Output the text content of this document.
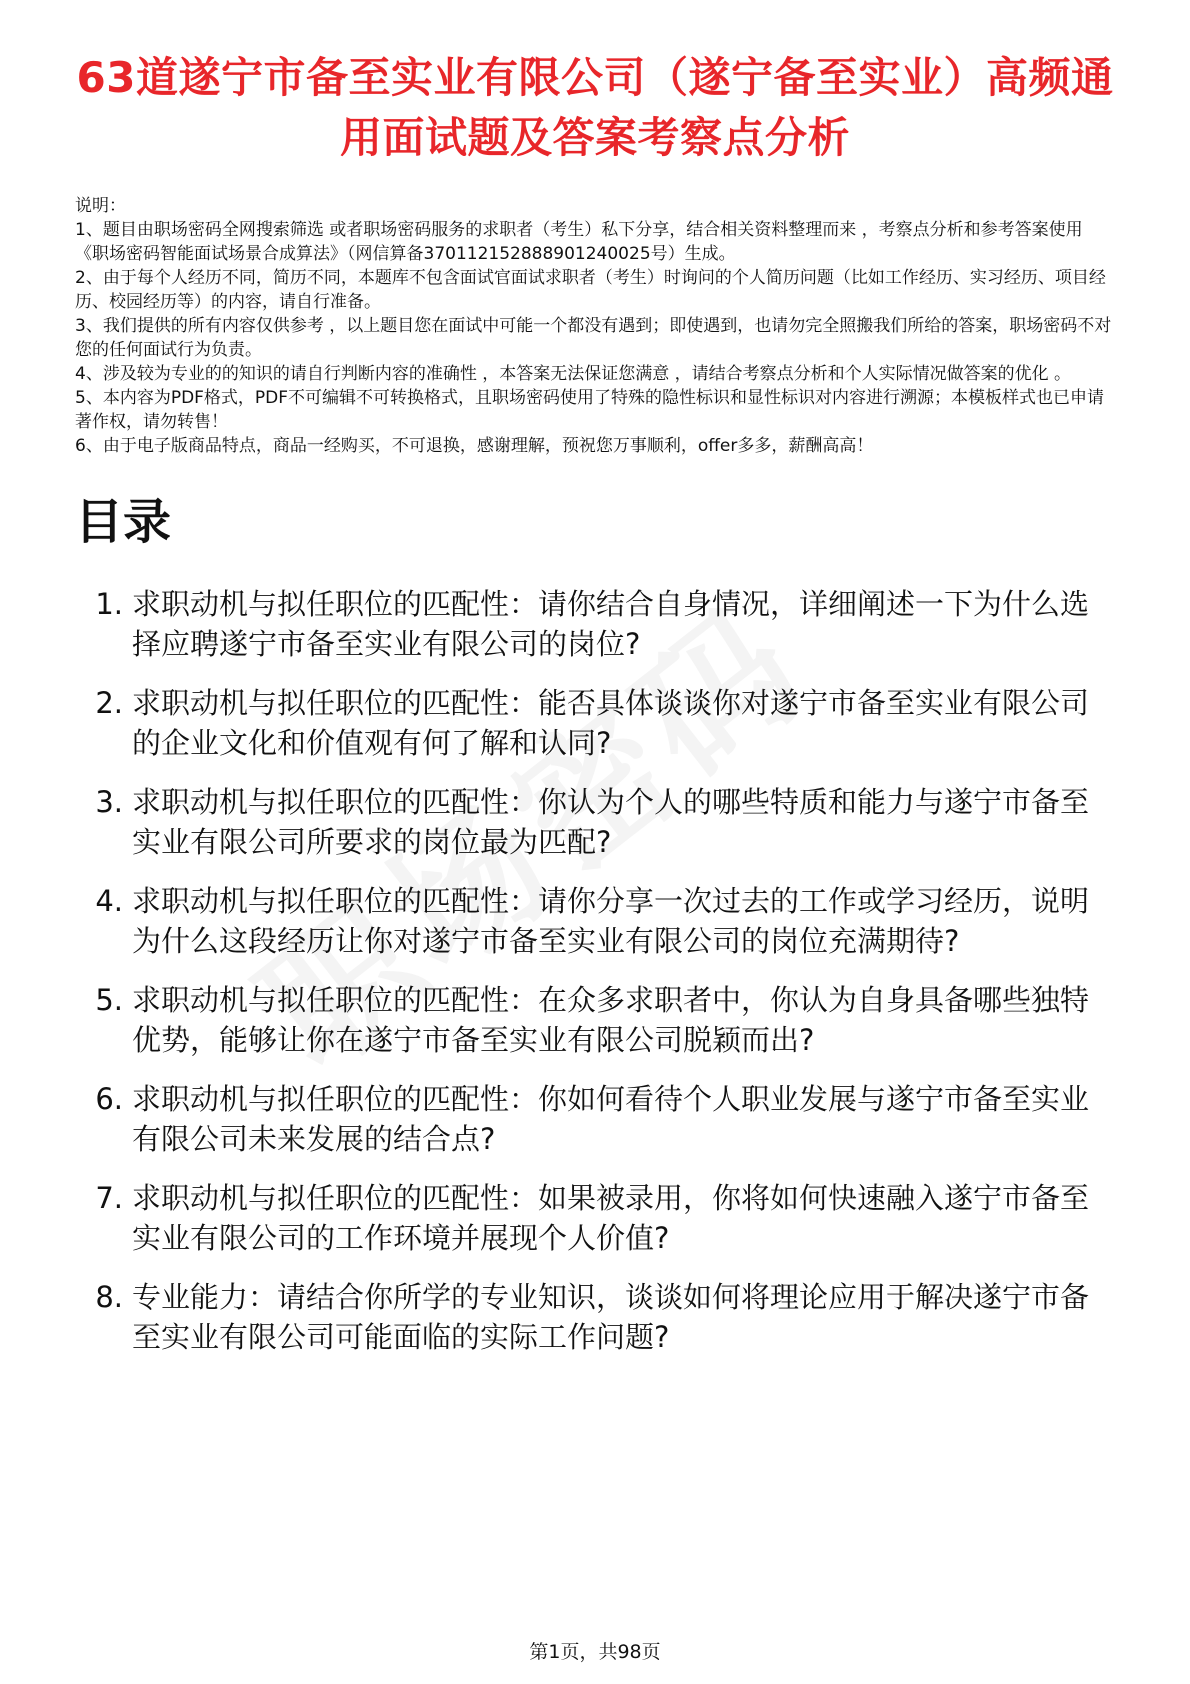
63道遂宁市备至实业有限公司（遂宁备至实业）高频通用面试题及答案考察点分析

说明：

1、题目由职场密码全网搜索筛选 或者职场密码服务的求职者（考生）私下分享，结合相关资料整理而来 ，考察点分析和参考答案使用《职场密码智能面试场景合成算法》（网信算备370112152888901240025号）生成。

2、由于每个人经历不同，简历不同，本题库不包含面试官面试求职者（考生）时询问的个人简历问题（比如工作经历、实习经历、项目经历、校园经历等）的内容，请自行准备。

3、我们提供的所有内容仅供参考 ，以上题目您在面试中可能一个都没有遇到；即使遇到，也请勿完全照搬我们所给的答案，职场密码不对您的任何面试行为负责。

4、涉及较为专业的的知识的请自行判断内容的准确性 ，本答案无法保证您满意 ，请结合考察点分析和个人实际情况做答案的优化 。

5、本内容为PDF格式，PDF不可编辑不可转换格式，且职场密码使用了特殊的隐性标识和显性标识对内容进行溯源；本模板样式也已申请著作权，请勿转售！

6、由于电子版商品特点，商品一经购买，不可退换，感谢理解，预祝您万事顺利，offer多多，薪酬高高！

目录
1. 求职动机与拟任职位的匹配性：请你结合自身情况，详细阐述一下为什么选择应聘遂宁市备至实业有限公司的岗位?
2. 求职动机与拟任职位的匹配性：能否具体谈谈你对遂宁市备至实业有限公司的企业文化和价值观有何了解和认同?
3. 求职动机与拟任职位的匹配性：你认为个人的哪些特质和能力与遂宁市备至实业有限公司所要求的岗位最为匹配?
4. 求职动机与拟任职位的匹配性：请你分享一次过去的工作或学习经历，说明为什么这段经历让你对遂宁市备至实业有限公司的岗位充满期待?
5. 求职动机与拟任职位的匹配性：在众多求职者中，你认为自身具备哪些独特优势，能够让你在遂宁市备至实业有限公司脱颖而出?
6. 求职动机与拟任职位的匹配性：你如何看待个人职业发展与遂宁市备至实业有限公司未来发展的结合点?
7. 求职动机与拟任职位的匹配性：如果被录用，你将如何快速融入遂宁市备至实业有限公司的工作环境并展现个人价值?
8. 专业能力：请结合你所学的专业知识，谈谈如何将理论应用于解决遂宁市备至实业有限公司可能面临的实际工作问题?
第1页，共98页
